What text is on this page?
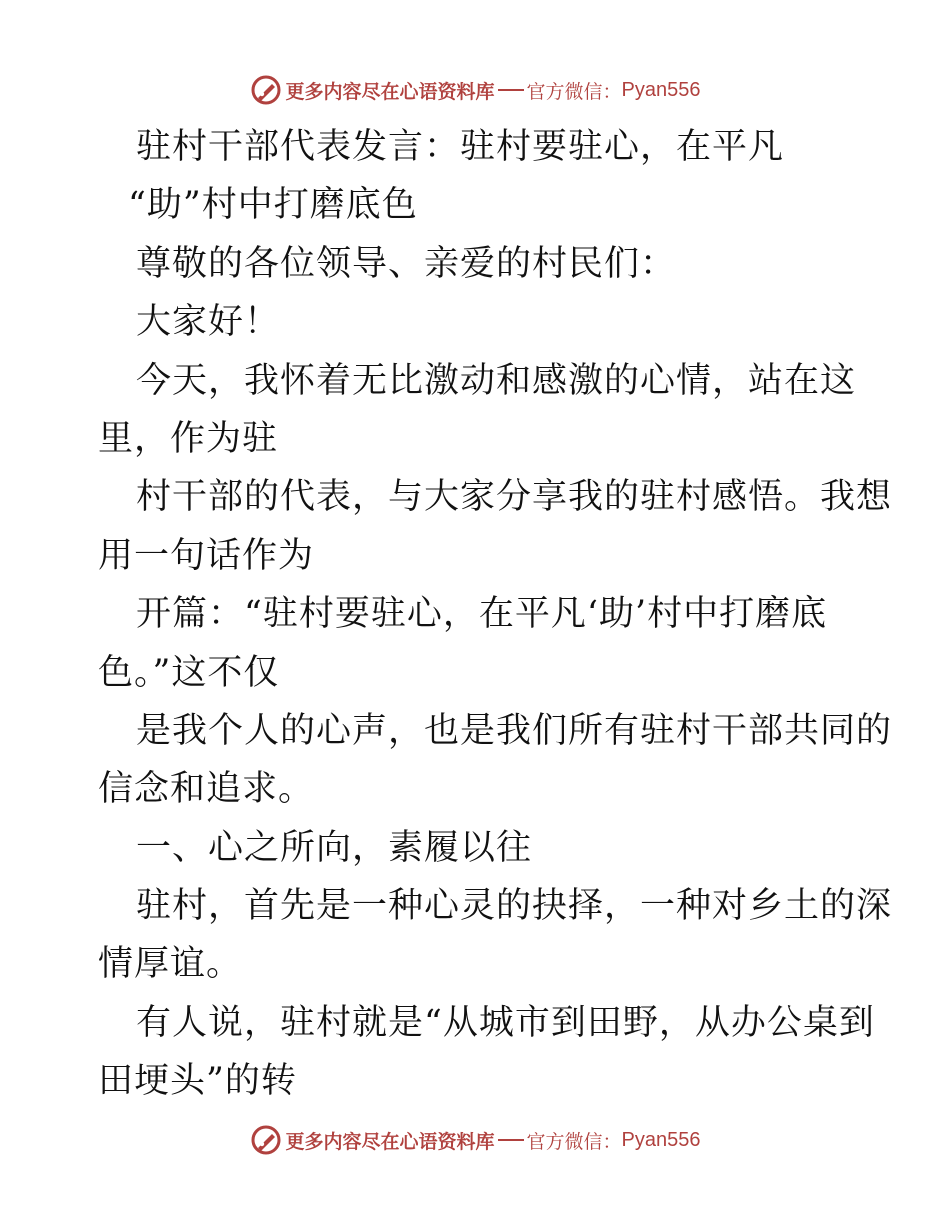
更多内容尽在心语资料库 官方微信： Pyan556
驻村干部代表发言：驻村要驻心，在平凡
“助”村中打磨底色
尊敬的各位领导、亲爱的村民们：
大家好！
今天，我怀着无比激动和感激的心情，站在这
里，作为驻
村干部的代表，与大家分享我的驻村感悟。我想
用一句话作为
开篇：“驻村要驻心，在平凡‘助’村中打磨底
色。”这不仅
是我个人的心声，也是我们所有驻村干部共同的
信念和追求。
一、心之所向，素履以往
驻村，首先是一种心灵的抉择，一种对乡土的深
情厚谊。
有人说，驻村就是“从城市到田野，从办公桌到
田埂头”的转
更多内容尽在心语资料库 官方微信： Pyan556
